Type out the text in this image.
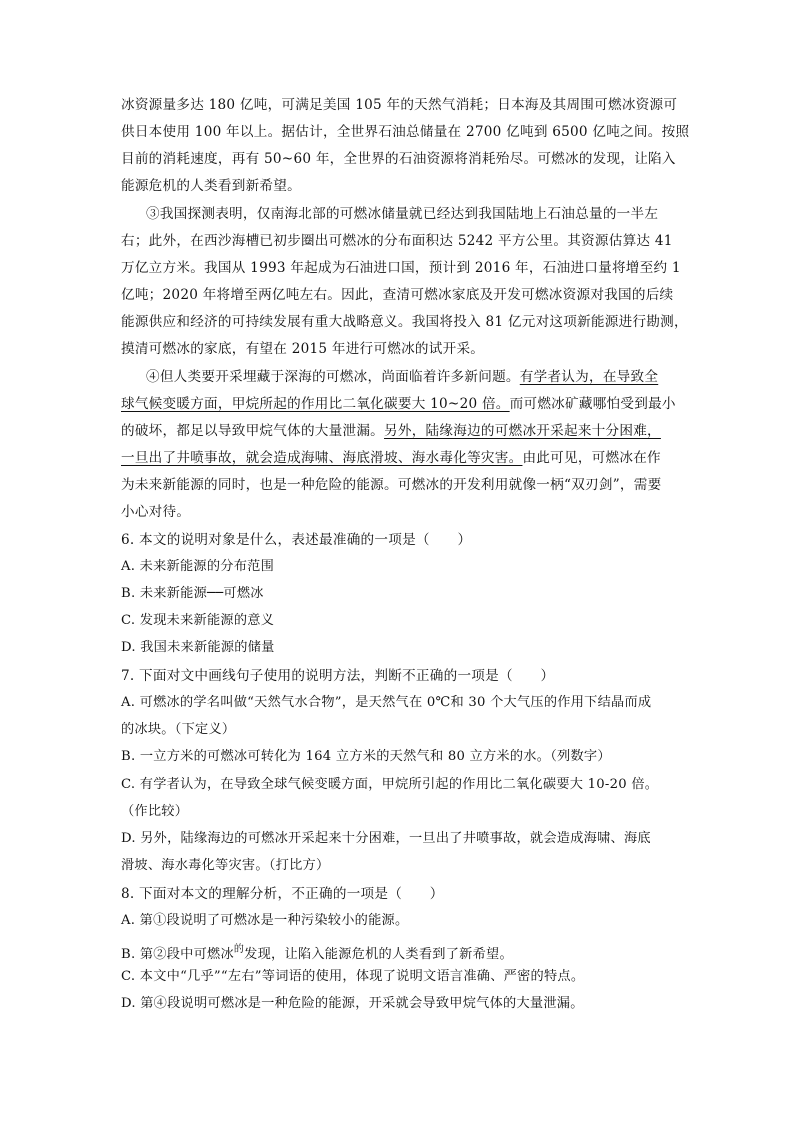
冰资源量多达 180 亿吨，可满足美国 105 年的天然气消耗；日本海及其周围可燃冰资源可
供日本使用 100 年以上。据估计，全世界石油总储量在 2700 亿吨到 6500 亿吨之间。按照
目前的消耗速度，再有 50~60 年，全世界的石油资源将消耗殆尽。可燃冰的发现，让陷入
能源危机的人类看到新希望。
③我国探测表明，仅南海北部的可燃冰储量就已经达到我国陆地上石油总量的一半左
右；此外，在西沙海槽已初步圈出可燃冰的分布面积达 5242 平方公里。其资源估算达 41
万亿立方米。我国从 1993 年起成为石油进口国，预计到 2016 年，石油进口量将增至约 1
亿吨；2020 年将增至两亿吨左右。因此，查清可燃冰家底及开发可燃冰资源对我国的后续
能源供应和经济的可持续发展有重大战略意义。我国将投入 81 亿元对这项新能源进行勘测，
摸清可燃冰的家底，有望在 2015 年进行可燃冰的试开采。
④但人类要开采埋藏于深海的可燃冰，尚面临着许多新问题。有学者认为，在导致全
球气候变暖方面，甲烷所起的作用比二氧化碳要大 10~20 倍。而可燃冰矿藏哪怕受到最小
的破坏，都足以导致甲烷气体的大量泄漏。另外，陆缘海边的可燃冰开采起来十分困难，
一旦出了井喷事故，就会造成海啸、海底滑坡、海水毒化等灾害。由此可见，可燃冰在作
为未来新能源的同时，也是一种危险的能源。可燃冰的开发利用就像一柄“双刃剑”，需要
小心对待。
6. 本文的说明对象是什么，表述最准确的一项是（　　）
A. 未来新能源的分布范围
B. 未来新能源──可燃冰
C. 发现未来新能源的意义
D. 我国未来新能源的储量
7. 下面对文中画线句子使用的说明方法，判断不正确的一项是（　　）
A. 可燃冰的学名叫做“天然气水合物”，是天然气在 0℃和 30 个大气压的作用下结晶而成
的冰块。（下定义）
B. 一立方米的可燃冰可转化为 164 立方米的天然气和 80 立方米的水。（列数字）
C. 有学者认为，在导致全球气候变暖方面，甲烷所引起的作用比二氧化碳要大 10-20 倍。
（作比较）
D. 另外，陆缘海边的可燃冰开采起来十分困难，一旦出了井喷事故，就会造成海啸、海底
滑坡、海水毒化等灾害。（打比方）
8. 下面对本文的理解分析，不正确的一项是（　　）
A. 第①段说明了可燃冰是一种污染较小的能源。
B. 第②段中可燃冰$^的$发现，让陷入能源危机的人类看到了新希望。
C. 本文中“几乎”“左右”等词语的使用，体现了说明文语言准确、严密的特点。
D. 第④段说明可燃冰是一种危险的能源，开采就会导致甲烷气体的大量泄漏。
